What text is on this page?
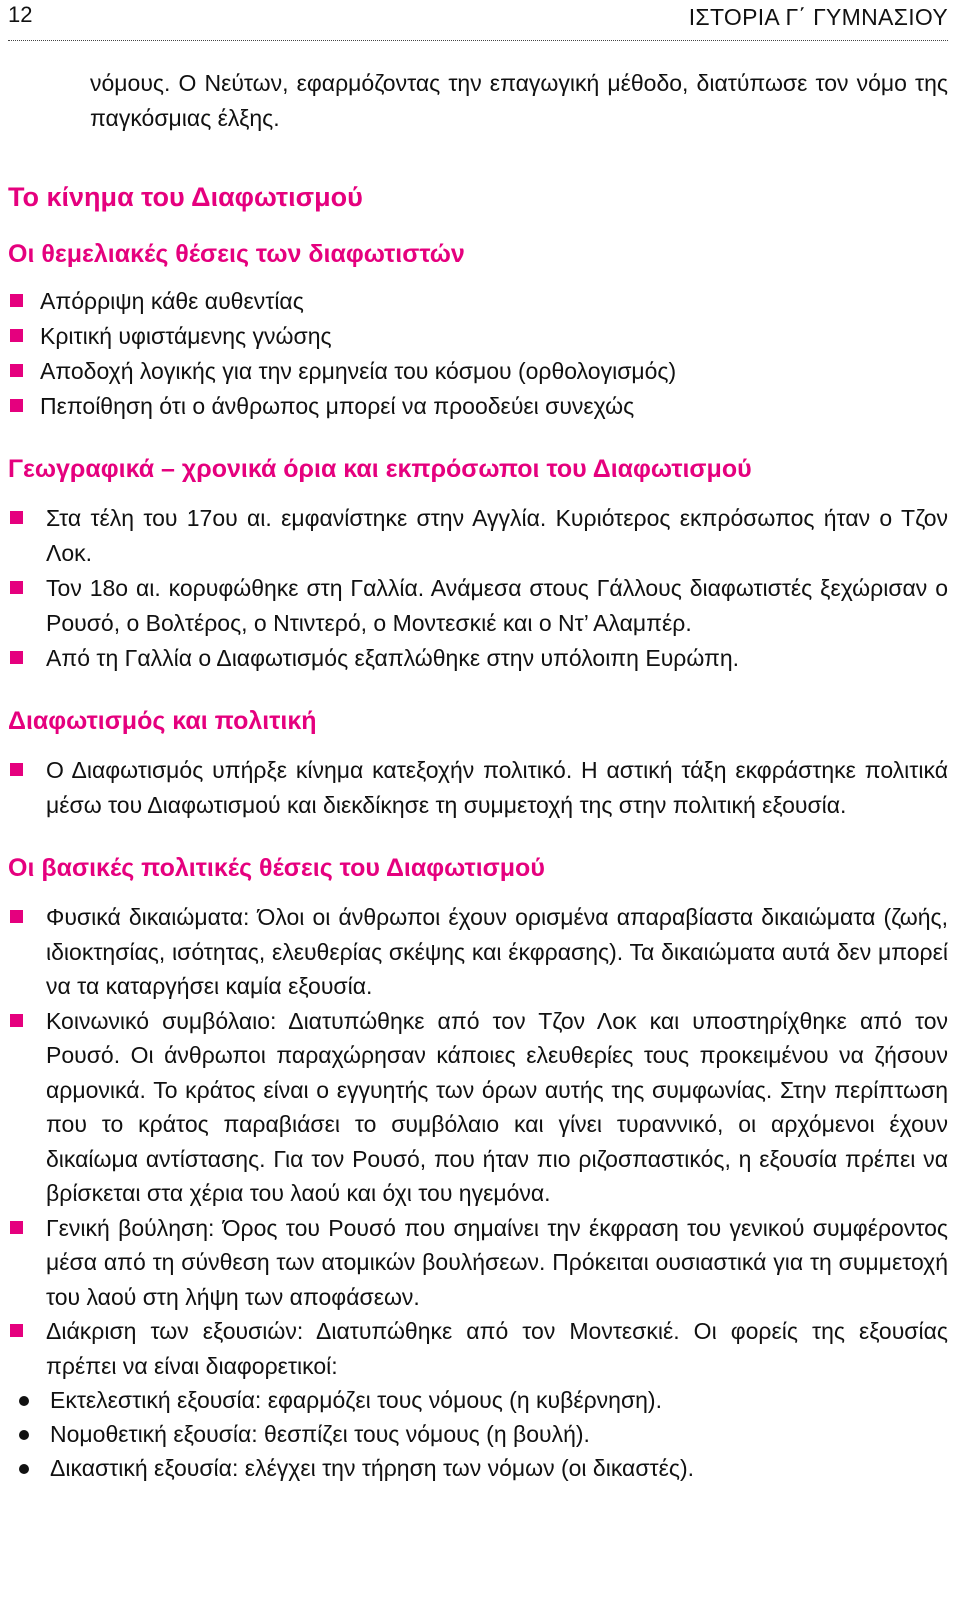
12	ΙΣΤΟΡΙΑ Γ΄ ΓΥΜΝΑΣΙΟΥ

νόμους. Ο Νεύτων, εφαρμόζοντας την επαγωγική μέθοδο, διατύπωσε τον νόμο της παγκόσμιας έλξης.

Το κίνημα του Διαφωτισμού
Οι θεμελιακές θέσεις των διαφωτιστών
Απόρριψη κάθε αυθεντίας
Κριτική υφιστάμενης γνώσης
Αποδοχή λογικής για την ερμηνεία του κόσμου (ορθολογισμός)
Πεποίθηση ότι ο άνθρωπος μπορεί να προοδεύει συνεχώς
Γεωγραφικά – χρονικά όρια και εκπρόσωποι του Διαφωτισμού
Στα τέλη του 17ου αι. εμφανίστηκε στην Αγγλία. Κυριότερος εκπρόσωπος ήταν ο Τζον Λοκ.
Τον 18ο αι. κορυφώθηκε στη Γαλλία. Ανάμεσα στους Γάλλους διαφωτιστές ξεχώρισαν ο Ρουσό, ο Βολτέρος, ο Ντιντερό, ο Μοντεσκιέ και ο Ντ’ Αλαμπέρ.
Από τη Γαλλία ο Διαφωτισμός εξαπλώθηκε στην υπόλοιπη Ευρώπη.
Διαφωτισμός και πολιτική
Ο Διαφωτισμός υπήρξε κίνημα κατεξοχήν πολιτικό. Η αστική τάξη εκφράστηκε πολιτικά μέσω του Διαφωτισμού και διεκδίκησε τη συμμετοχή της στην πολιτική εξουσία.
Οι βασικές πολιτικές θέσεις του Διαφωτισμού
Φυσικά δικαιώματα: Όλοι οι άνθρωποι έχουν ορισμένα απαραβίαστα δικαιώματα (ζωής, ιδιοκτησίας, ισότητας, ελευθερίας σκέψης και έκφρασης). Τα δικαιώματα αυτά δεν μπορεί να τα καταργήσει καμία εξουσία.
Κοινωνικό συμβόλαιο: Διατυπώθηκε από τον Τζον Λοκ και υποστηρίχθηκε από τον Ρουσό. Οι άνθρωποι παραχώρησαν κάποιες ελευθερίες τους προκειμένου να ζήσουν αρμονικά. Το κράτος είναι ο εγγυητής των όρων αυτής της συμφωνίας. Στην περίπτωση που το κράτος παραβιάσει το συμβόλαιο και γίνει τυραννικό, οι αρχόμενοι έχουν δικαίωμα αντίστασης. Για τον Ρουσό, που ήταν πιο ριζοσπαστικός, η εξουσία πρέπει να βρίσκεται στα χέρια του λαού και όχι του ηγεμόνα.
Γενική βούληση: Όρος του Ρουσό που σημαίνει την έκφραση του γενικού συμφέροντος μέσα από τη σύνθεση των ατομικών βουλήσεων. Πρόκειται ουσιαστικά για τη συμμετοχή του λαού στη λήψη των αποφάσεων.
Διάκριση των εξουσιών: Διατυπώθηκε από τον Μοντεσκιέ. Οι φορείς της εξουσίας πρέπει να είναι διαφορετικοί:
Εκτελεστική εξουσία: εφαρμόζει τους νόμους (η κυβέρνηση).
Νομοθετική εξουσία: θεσπίζει τους νόμους (η βουλή).
Δικαστική εξουσία: ελέγχει την τήρηση των νόμων (οι δικαστές).
